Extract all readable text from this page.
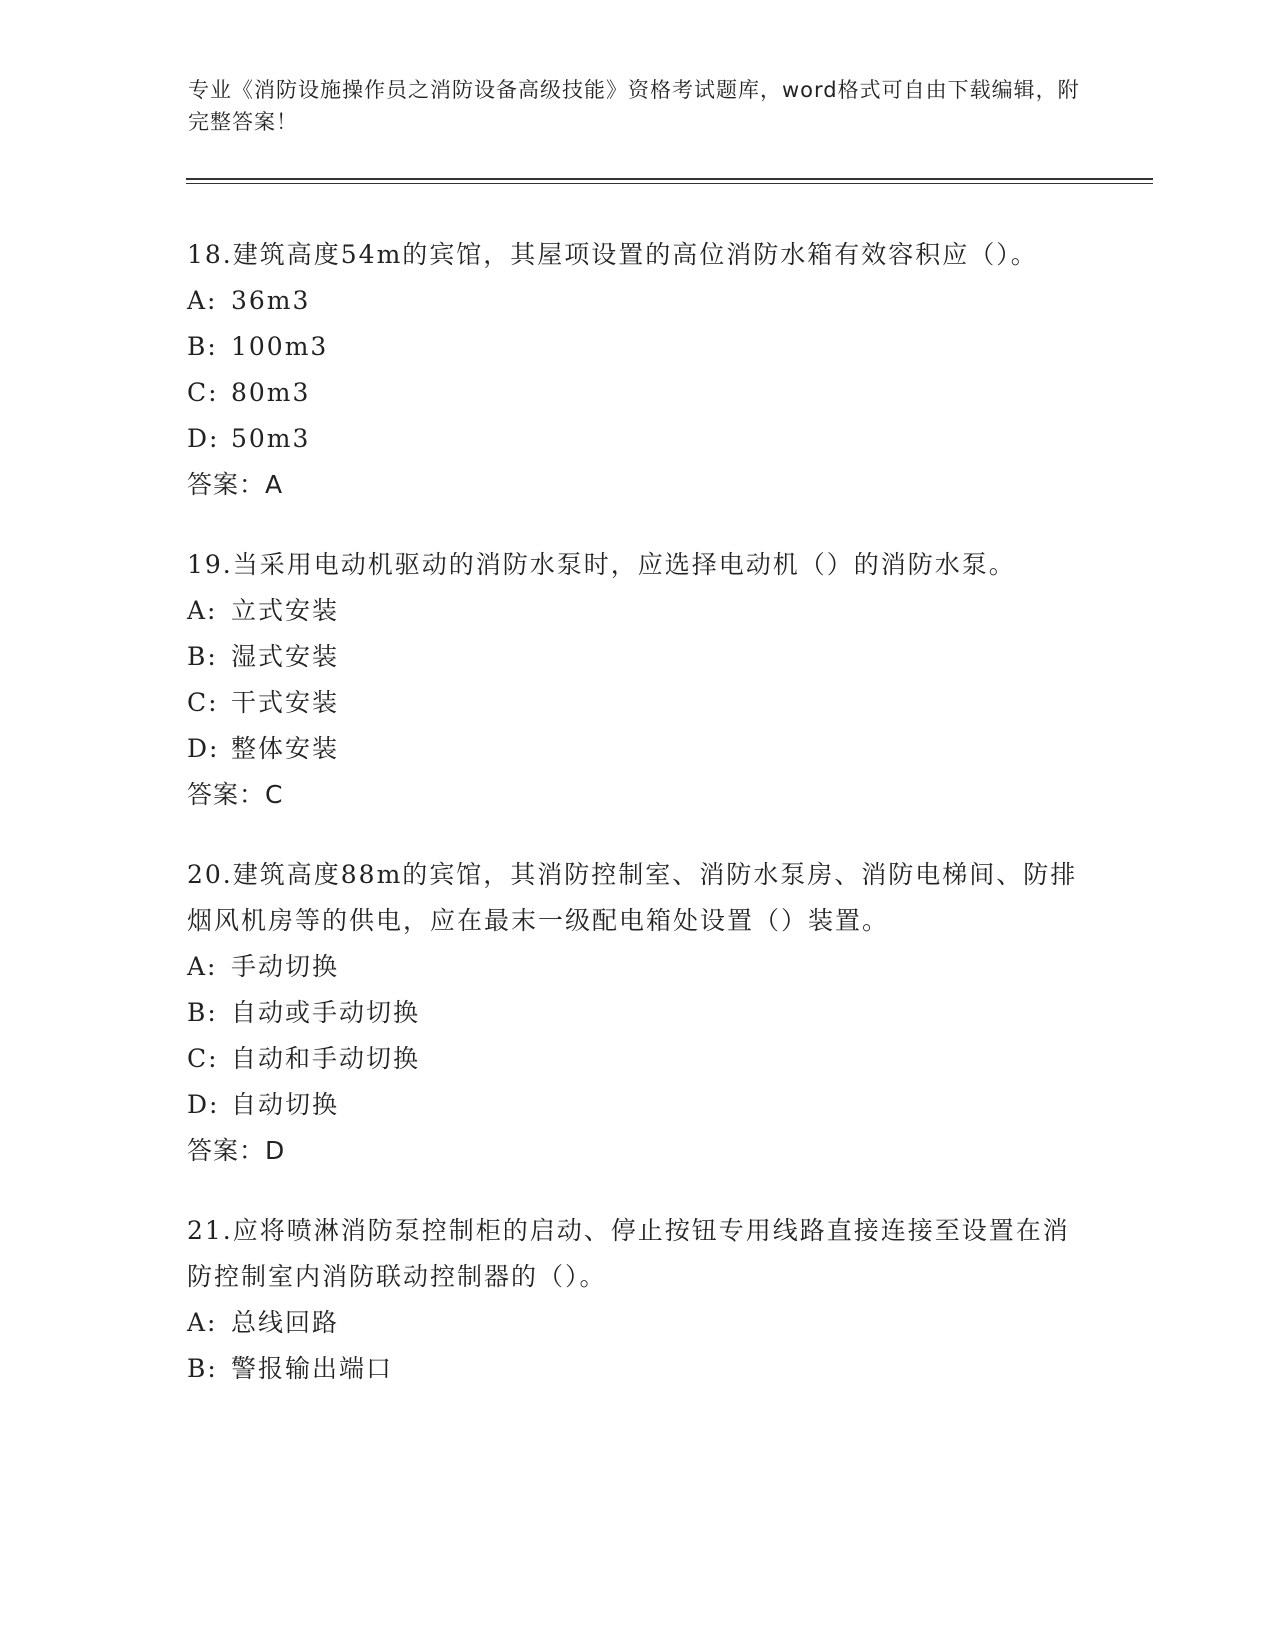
专业《消防设施操作员之消防设备高级技能》资格考试题库，word格式可自由下载编辑，附完整答案！

18.建筑高度54m的宾馆，其屋项设置的高位消防水箱有效容积应（）。

A: 36m3

B: 100m3

C: 80m3

D: 50m3

答案：A

19.当采用电动机驱动的消防水泵时，应选择电动机（）的消防水泵。

A: 立式安装

B: 湿式安装

C: 干式安装

D: 整体安装

答案：C

20.建筑高度88m的宾馆，其消防控制室、消防水泵房、消防电梯间、防排烟风机房等的供电，应在最末一级配电箱处设置（）装置。

A: 手动切换

B: 自动或手动切换

C: 自动和手动切换

D: 自动切换

答案：D

21.应将喷淋消防泵控制柜的启动、停止按钮专用线路直接连接至设置在消防控制室内消防联动控制器的（）。

A: 总线回路

B: 警报输出端口
